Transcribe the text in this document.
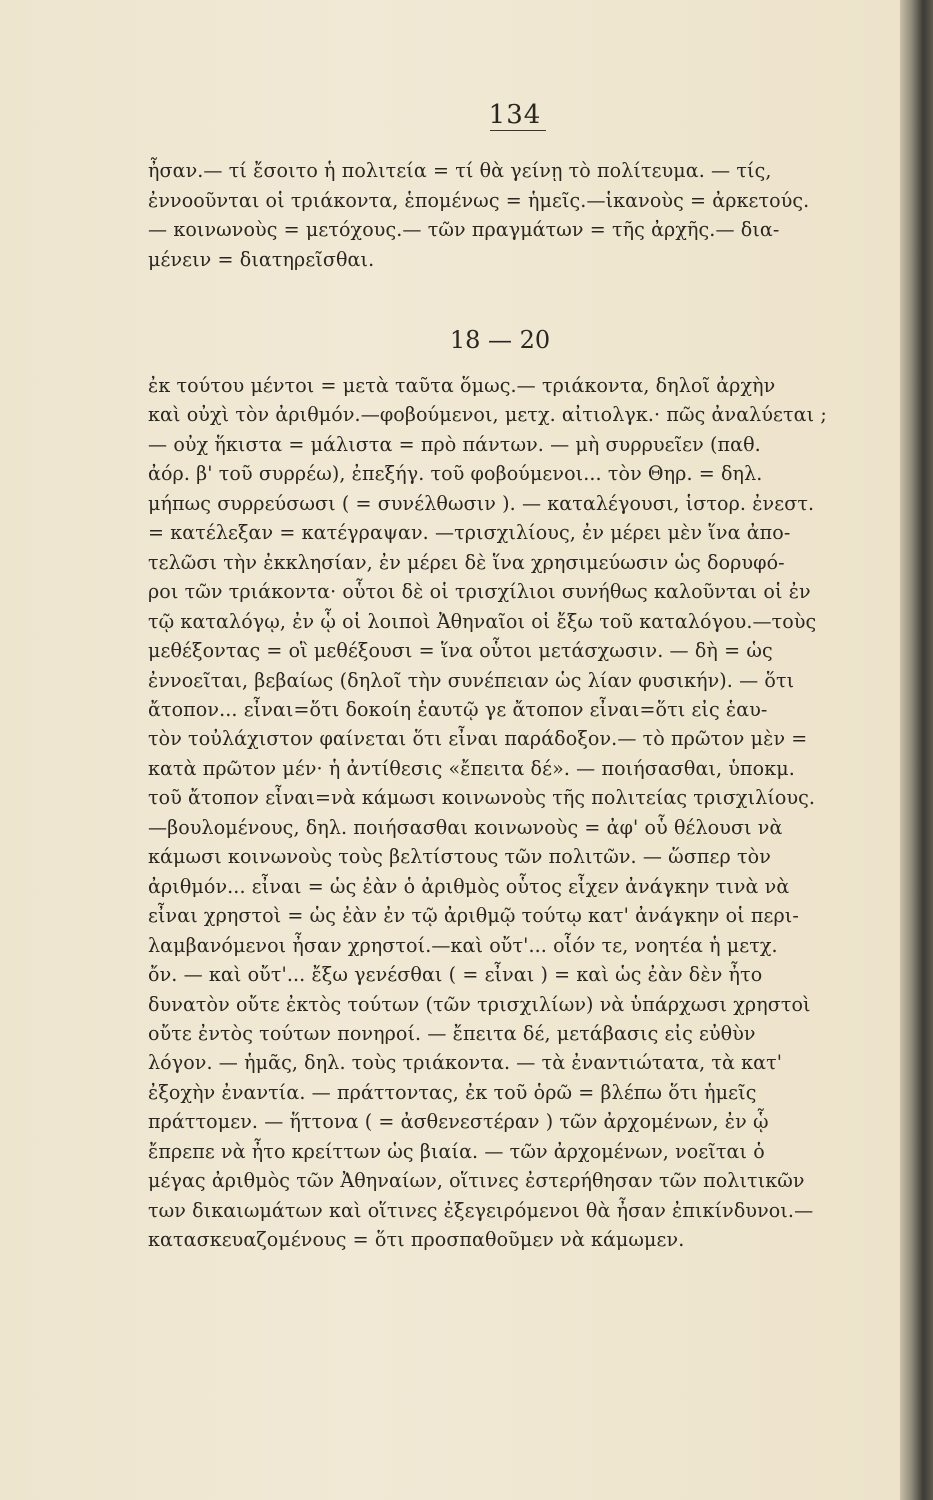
134
ἦσαν.— τί ἔσοιτο ἡ πολιτεία = τί θὰ γείνῃ τὸ πολίτευμα. — τίς,
ἐννοοῦνται οἱ τριάκοντα, ἑπομένως = ἡμεῖς.—ἱκανοὺς = ἀρκετούς.
— κοινωνοὺς = μετόχους.— τῶν πραγμάτων = τῆς ἀρχῆς.— δια-
μένειν = διατηρεῖσθαι.
18 — 20
ἐκ τούτου μέντοι = μετὰ ταῦτα ὅμως.— τριάκοντα, δηλοῖ ἀρχὴν
καὶ οὐχὶ τὸν ἀριθμόν.—φοβούμενοι, μετχ. αἰτιολγκ.· πῶς ἀναλύεται ;
— οὐχ ἥκιστα = μάλιστα = πρὸ πάντων. — μὴ συρρυεῖεν (παθ.
ἀόρ. β' τοῦ συρρέω), ἐπεξήγ. τοῦ φοβούμενοι... τὸν Θηρ. = δηλ.
μήπως συρρεύσωσι ( = συνέλθωσιν ). — καταλέγουσι, ἱστορ. ἐνεστ.
= κατέλεξαν = κατέγραψαν. —τρισχιλίους, ἐν μέρει μὲν ἵνα ἀπο-
τελῶσι τὴν ἐκκλησίαν, ἐν μέρει δὲ ἵνα χρησιμεύωσιν ὡς δορυφό-
ροι τῶν τριάκοντα· οὗτοι δὲ οἱ τρισχίλιοι συνήθως καλοῦνται οἱ ἐν
τῷ καταλόγῳ, ἐν ᾧ οἱ λοιποὶ Ἀθηναῖοι οἱ ἔξω τοῦ καταλόγου.—τοὺς
μεθέξοντας = οἳ μεθέξουσι = ἵνα οὗτοι μετάσχωσιν. — δὴ = ὡς
ἐννοεῖται, βεβαίως (δηλοῖ τὴν συνέπειαν ὡς λίαν φυσικήν). — ὅτι
ἄτοπον... εἶναι=ὅτι δοκοίη ἑαυτῷ γε ἄτοπον εἶναι=ὅτι εἰς ἑαυ-
τὸν τοὐλάχιστον φαίνεται ὅτι εἶναι παράδοξον.— τὸ πρῶτον μὲν =
κατὰ πρῶτον μέν· ἡ ἀντίθεσις «ἔπειτα δέ». — ποιήσασθαι, ὑποκμ.
τοῦ ἄτοπον εἶναι=νὰ κάμωσι κοινωνοὺς τῆς πολιτείας τρισχιλίους.
—βουλομένους, δηλ. ποιήσασθαι κοινωνοὺς = ἀφ' οὗ θέλουσι νὰ
κάμωσι κοινωνοὺς τοὺς βελτίστους τῶν πολιτῶν. — ὥσπερ τὸν
ἀριθμόν... εἶναι = ὡς ἐὰν ὁ ἀριθμὸς οὗτος εἶχεν ἀνάγκην τινὰ νὰ
εἶναι χρηστοὶ = ὡς ἐὰν ἐν τῷ ἀριθμῷ τούτῳ κατ' ἀνάγκην οἱ περι-
λαμβανόμενοι ἦσαν χρηστοί.—καὶ οὔτ'... οἷόν τε, νοητέα ἡ μετχ.
ὄν. — καὶ οὔτ'... ἔξω γενέσθαι ( = εἶναι ) = καὶ ὡς ἐὰν δὲν ἦτο
δυνατὸν οὔτε ἐκτὸς τούτων (τῶν τρισχιλίων) νὰ ὑπάρχωσι χρηστοὶ
οὔτε ἐντὸς τούτων πονηροί. — ἔπειτα δέ, μετάβασις εἰς εὐθὺν
λόγον. — ἡμᾶς, δηλ. τοὺς τριάκοντα. — τὰ ἐναντιώτατα, τὰ κατ'
ἐξοχὴν ἐναντία. — πράττοντας, ἐκ τοῦ ὁρῶ = βλέπω ὅτι ἡμεῖς
πράττομεν. — ἥττονα ( = ἀσθενεστέραν ) τῶν ἀρχομένων, ἐν ᾧ
ἔπρεπε νὰ ἦτο κρείττων ὡς βιαία. — τῶν ἀρχομένων, νοεῖται ὁ
μέγας ἀριθμὸς τῶν Ἀθηναίων, οἵτινες ἐστερήθησαν τῶν πολιτικῶν
των δικαιωμάτων καὶ οἵτινες ἐξεγειρόμενοι θὰ ἦσαν ἐπικίνδυνοι.—
κατασκευαζομένους = ὅτι προσπαθοῦμεν νὰ κάμωμεν.
